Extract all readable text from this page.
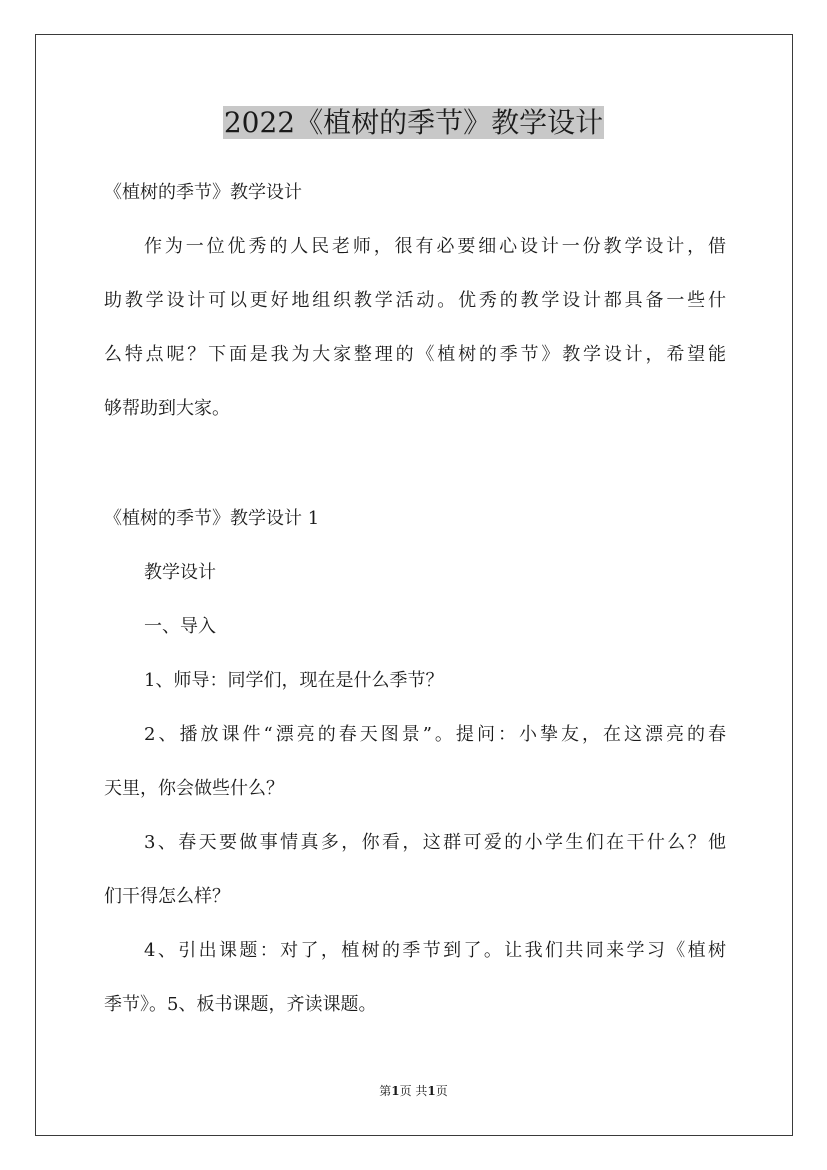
2022《植树的季节》教学设计

《植树的季节》教学设计

作为一位优秀的人民老师，很有必要细心设计一份教学设计，借

助教学设计可以更好地组织教学活动。优秀的教学设计都具备一些什

么特点呢？下面是我为大家整理的《植树的季节》教学设计，希望能

够帮助到大家。

《植树的季节》教学设计 1

教学设计

一、导入

1、师导：同学们，现在是什么季节？

2、播放课件“漂亮的春天图景”。提问：小挚友，在这漂亮的春

天里，你会做些什么？

3、春天要做事情真多，你看，这群可爱的小学生们在干什么？他

们干得怎么样？

4、引出课题：对了，植树的季节到了。让我们共同来学习《植树

季节》。5、板书课题，齐读课题。

第1页 共1页
